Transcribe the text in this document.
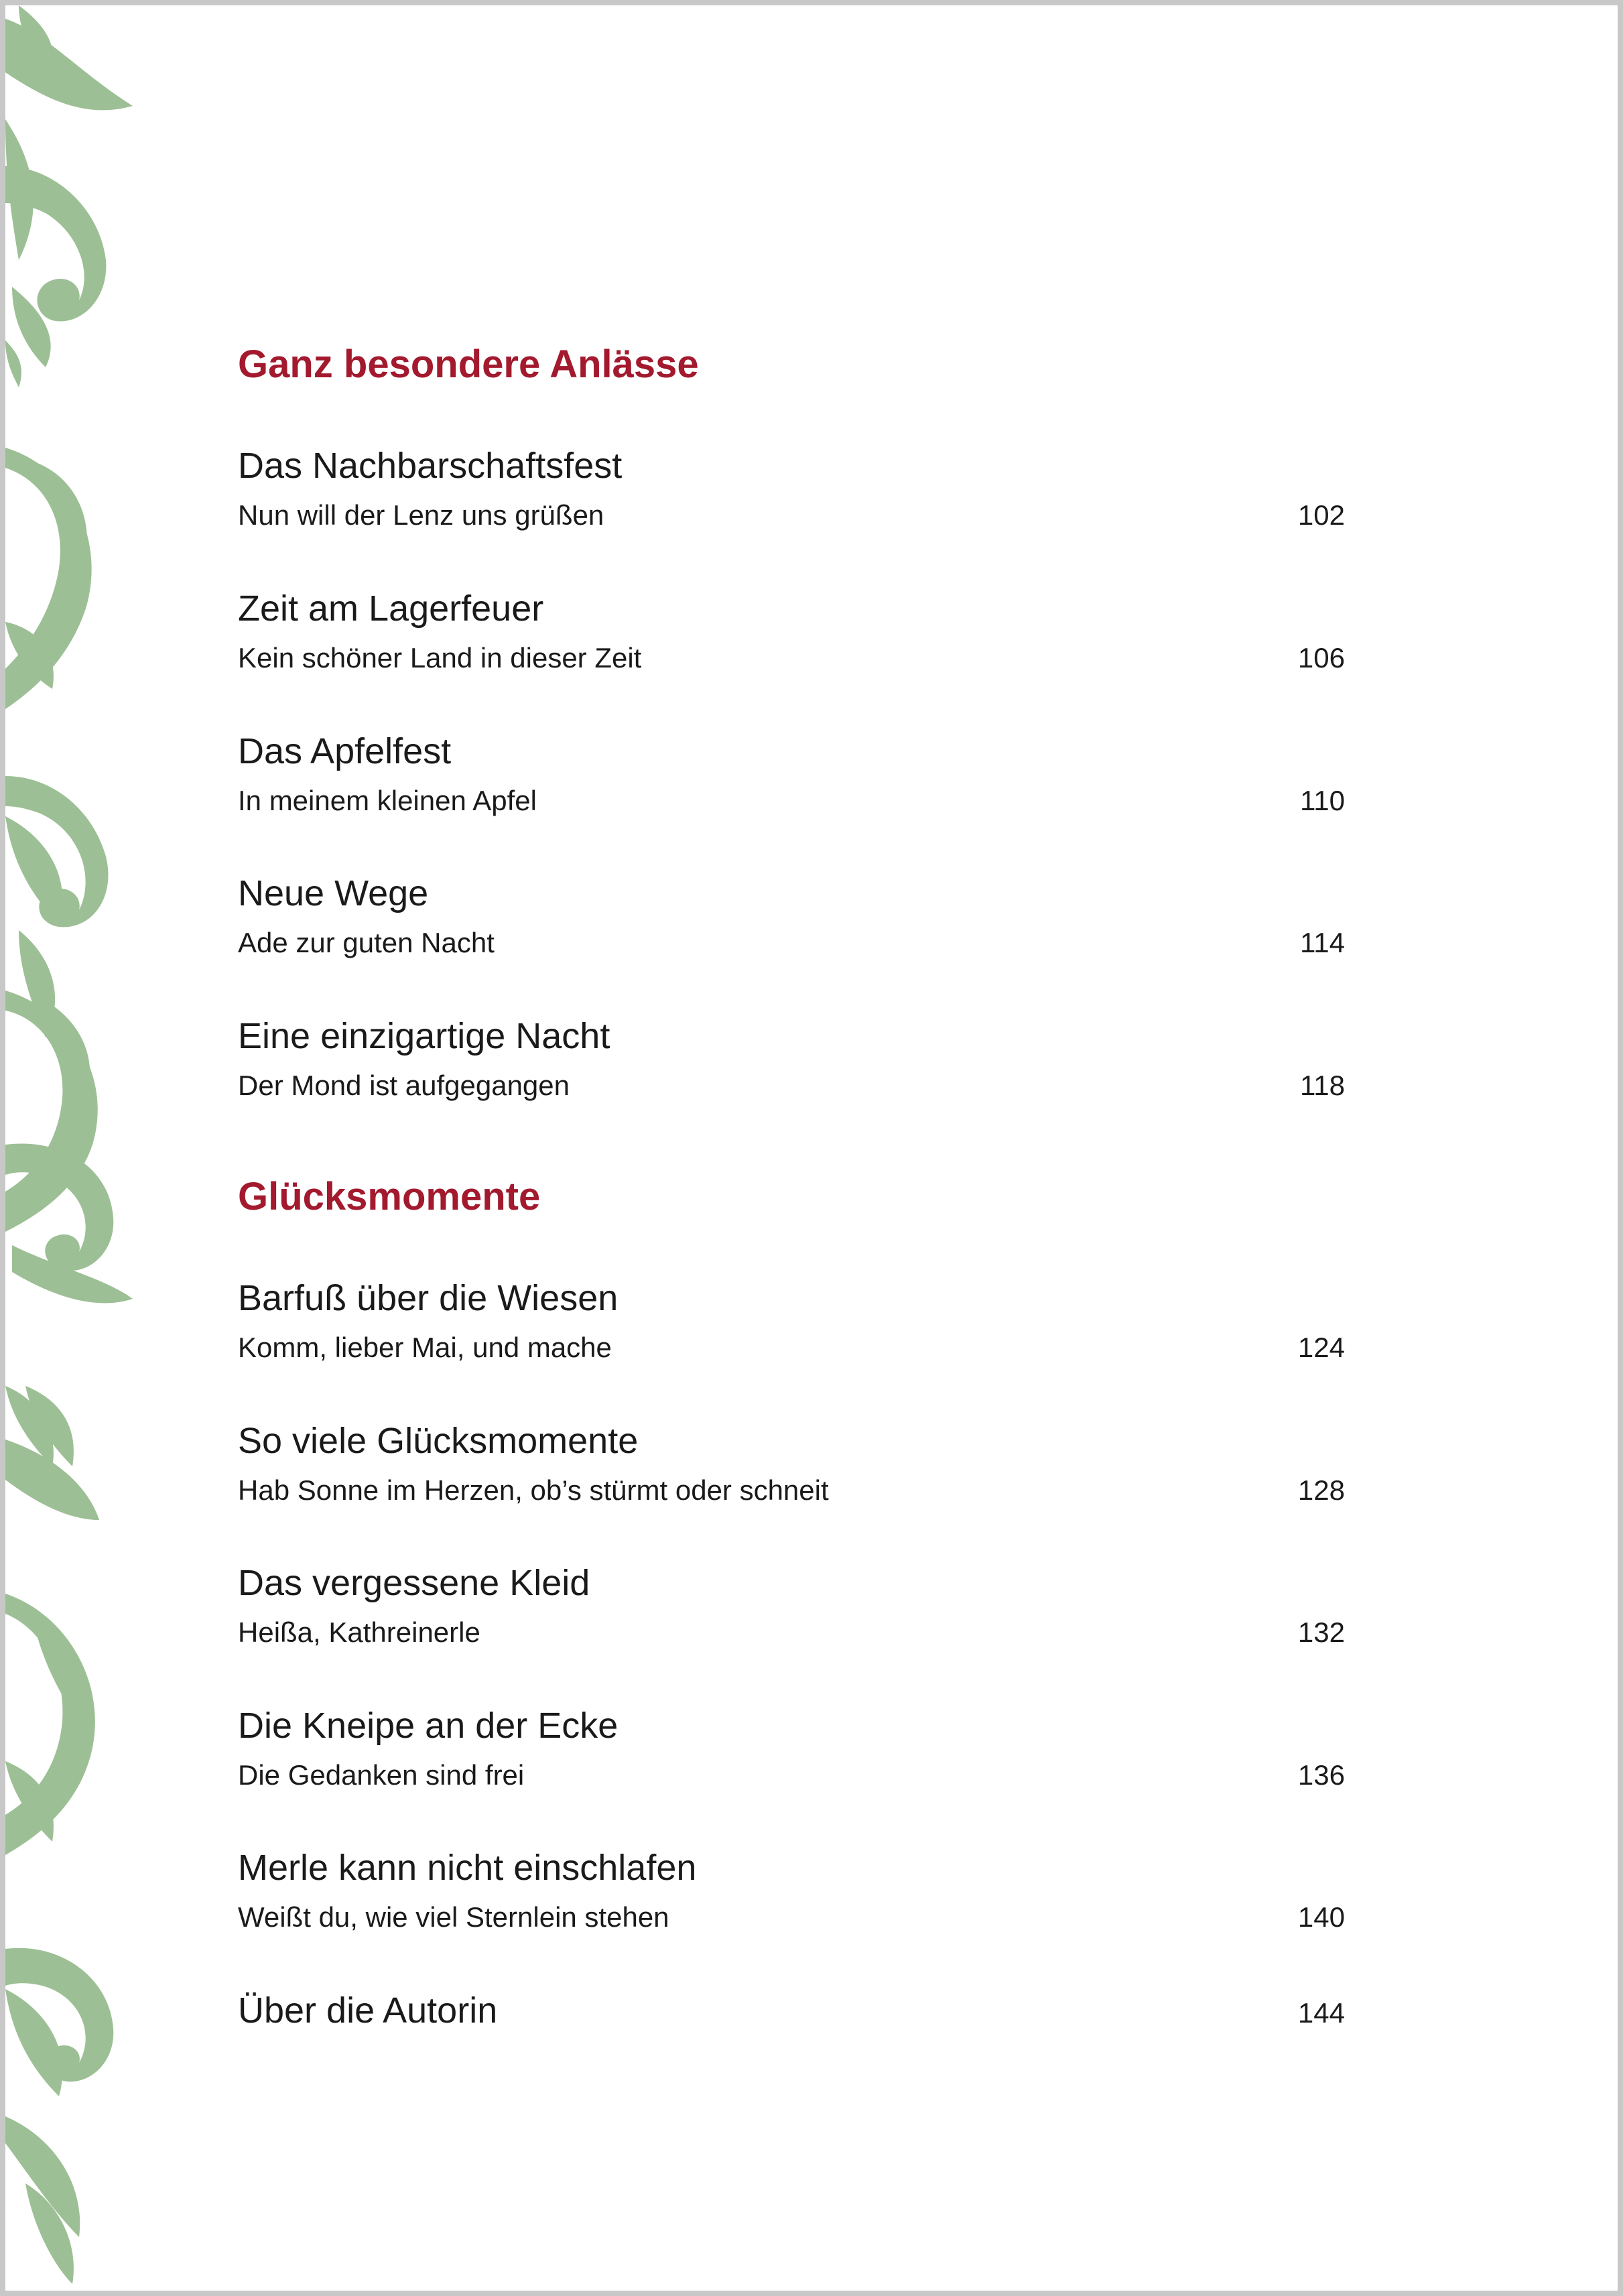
Ganz besondere Anlässe
Das Nachbarschaftsfest
Nun will der Lenz uns grüßen	102
Zeit am Lagerfeuer
Kein schöner Land in dieser Zeit	106
Das Apfelfest
In meinem kleinen Apfel	110
Neue Wege
Ade zur guten Nacht	114
Eine einzigartige Nacht
Der Mond ist aufgegangen	118
Glücksmomente
Barfuß über die Wiesen
Komm, lieber Mai, und mache	124
So viele Glücksmomente
Hab Sonne im Herzen, ob’s stürmt oder schneit	128
Das vergessene Kleid
Heißa, Kathreinerle	132
Die Kneipe an der Ecke
Die Gedanken sind frei	136
Merle kann nicht einschlafen
Weißt du, wie viel Sternlein stehen	140
Über die Autorin	144
